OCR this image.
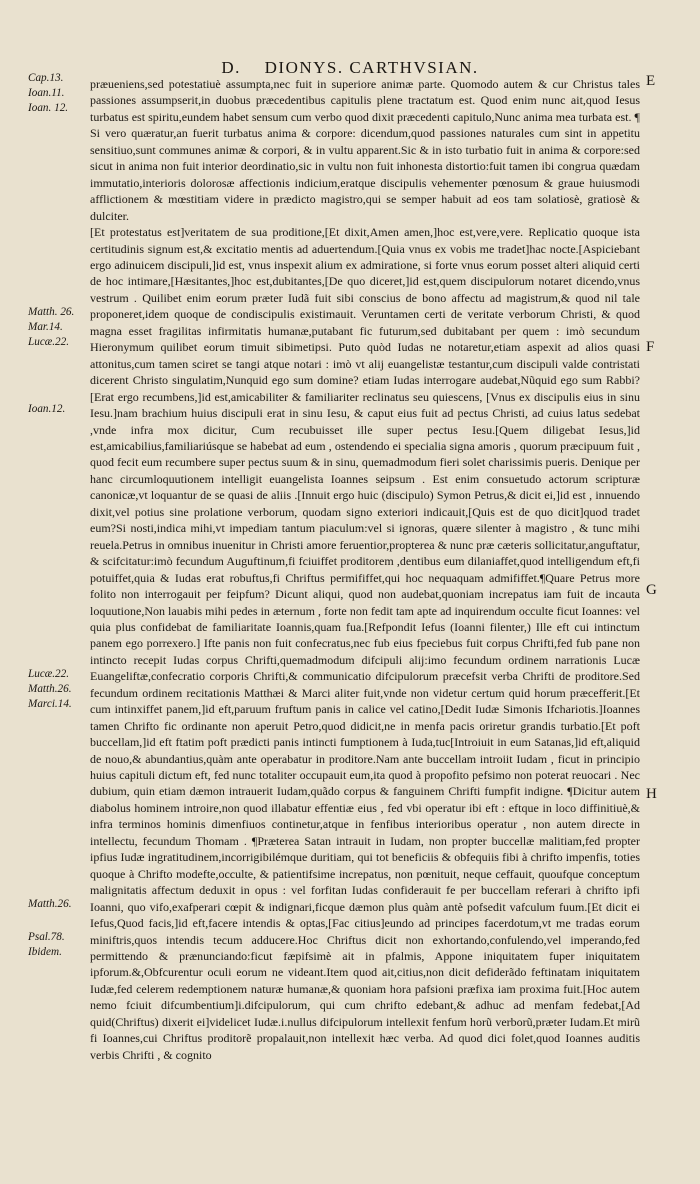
D. DIONYS. CARTHVSIAN.
Cap.13.
Ioan.11.
Ioan. 12.
Matth. 26.
Mar.14.
Lucæ.22.
Ioan.12.
Lucæ.22.
Matth.26.
Marci.14.
Matth.26.
Psal.78.
Ibidem.
E
F
G
H

præueniens,sed potestatiuè assumpta,nec fuit in superiore animæ parte. Quomodo autem & cur Christus tales passiones assumpserit,in duobus præcedentibus capitulis plene tractatum est. Quod enim nunc ait,quod Iesus turbatus est spiritu,eundem habet sensum cum verbo quod dixit præcedenti capitulo,Nunc anima mea turbata est. ¶ Si vero quæratur,an fuerit turbatus anima & corpore: dicendum,quod passiones naturales cum sint in appetitu sensitiuo,sunt communes animæ & corpori, & in vultu apparent.Sic & in isto turbatio fuit in anima & corpore:sed sicut in anima non fuit interior deordinatio,sic in vultu non fuit inhonesta distortio:fuit tamen ibi congrua quædam immutatio,interioris dolorosæ affectionis indicium,eratque discipulis vehementer pœnosum & graue huiusmodi afflictionem & mœstitiam videre in prædicto magistro,qui se semper habuit ad eos tam solatiosè, gratiosè & dulciter.

[Et protestatus est]veritatem de sua proditione,[Et dixit,Amen amen,]hoc est,vere,vere. Replicatio quoque ista certitudinis signum est,& excitatio mentis ad aduertendum.[Quia vnus ex vobis me tradet]hac nocte.[Aspiciebant ergo adinuicem discipuli,]id est, vnus inspexit alium ex admiratione, si forte vnus eorum posset alteri aliquid certi de hoc intimare,[Hæsitantes,]hoc est,dubitantes,[De quo diceret,]id est,quem discipulorum notaret dicendo,vnus vestrum . Quilibet enim eorum præter Iudã fuit sibi conscius de bono affectu ad magistrum,& quod nil tale proponeret,idem quoque de condiscipulis existimauit. Veruntamen certi de veritate verborum Christi, & quod magna esset fragilitas infirmitatis humanæ,putabant fic futurum,sed dubitabant per quem : imò secundum Hieronymum quilibet eorum timuit sibimetipsi. Puto quòd Iudas ne notaretur,etiam aspexit ad alios quasi attonitus,cum tamen sciret se tangi atque notari : imò vt alij euangelistæ testantur,cum discipuli valde contristati dicerent Christo singulatim,Nunquid ego sum domine? etiam Iudas interrogare audebat,Nũquid ego sum Rabbi?[Erat ergo recumbens,]id est,amicabiliter & familiariter reclinatus seu quiescens, [Vnus ex discipulis eius in sinu Iesu.]nam brachium huius discipuli erat in sinu Iesu, & caput eius fuit ad pectus Christi, ad cuius latus sedebat ,vnde infra mox dicitur, Cum recubuisset ille super pectus Iesu.[Quem diligebat Iesus,]id est,amicabilius,familiariúsque se habebat ad eum , ostendendo ei specialia signa amoris , quorum præcipuum fuit , quod fecit eum recumbere super pectus suum & in sinu, quemadmodum fieri solet charissimis pueris. Denique per hanc circumloquutionem intelligit euangelista Ioannes seipsum . Est enim consuetudo actorum scripturæ canonicæ,vt loquantur de se quasi de aliis .[Innuit ergo huic (discipulo) Symon Petrus,& dicit ei,]id est , innuendo dixit,vel potius sine prolatione verborum, quodam signo exteriori indicauit,[Quis est de quo dicit]quod tradet eum?Si nosti,indica mihi,vt impediam tantum piaculum:vel si ignoras, quære silenter à magistro , & tunc mihi reuela.Petrus in omnibus inuenitur in Christi amore feruentior,propterea & nunc præ cæteris sollicitatur,anguftatur, & scifcitatur:imò fecundum Auguftinum,fi fciuiffet proditorem ,dentibus eum dilaniaffet,quod intelligendum eft,fi potuiffet,quia & Iudas erat robuftus,fi Chriftus permififfet,qui hoc nequaquam admififfet.¶Quare Petrus more folito non interrogauit per feipfum? Dicunt aliqui, quod non audebat,quoniam increpatus iam fuit de incauta loquutione,Non lauabis mihi pedes in æternum , forte non fedit tam apte ad inquirendum occulte ficut Ioannes: vel quia plus confidebat de familiaritate Ioannis,quam fua.[Refpondit Iefus (Ioanni filenter,) Ille eft cui intinctum panem ego porrexero.] Ifte panis non fuit confecratus,nec fub eius fpeciebus fuit corpus Chrifti,fed fub pane non intincto recepit Iudas corpus Chrifti,quemadmodum difcipuli alij:imo fecundum ordinem narrationis Lucæ Euangeliftæ,confecratio corporis Chrifti,& communicatio difcipulorum præcefsit verba Chrifti de proditore.Sed fecundum ordinem recitationis Matthæi & Marci aliter fuit,vnde non videtur certum quid horum præcefferit.[Et cum intinxiffet panem,]id eft,paruum fruftum panis in calice vel catino,[Dedit Iudæ Simonis Ifchariotis.]Ioannes tamen Chrifto fic ordinante non aperuit Petro,quod didicit,ne in menfa pacis oriretur grandis turbatio.[Et poft buccellam,]id eft ftatim poft prædicti panis intincti fumptionem à Iuda,tuc[Introiuit in eum Satanas,]id eft,aliquid de nouo,& abundantius,quàm ante operabatur in proditore.Nam ante buccellam introiit Iudam , ficut in principio huius capituli dictum eft, fed nunc totaliter occupauit eum,ita quod à propofito pefsimo non poterat reuocari . Nec dubium, quin etiam dæmon intrauerit Iudam,quãdo corpus & fanguinem Chrifti fumpfit indigne. ¶Dicitur autem diabolus hominem introire,non quod illabatur effentiæ eius , fed vbi operatur ibi eft : eftque in loco diffinitiuè,& infra terminos hominis dimenfiuos continetur,atque in fenfibus interioribus operatur , non autem directe in intellectu, fecundum Thomam . ¶Præterea Satan intrauit in Iudam, non propter buccellæ malitiam,fed propter ipfius Iudæ ingratitudinem,incorrigibilémque duritiam, qui tot beneficiis & obfequiis fibi à chrifto impenfis, toties quoque à Chrifto modefte,occulte, & patientifsime increpatus, non pœnituit, neque ceffauit, quoufque conceptum malignitatis affectum deduxit in opus : vel forfitan Iudas confiderauit fe per buccellam referari à chrifto ipfi Ioanni, quo vifo,exafperari cœpit & indignari,ficque dæmon plus quàm antè pofsedit vafculum fuum.[Et dicit ei Iefus,Quod facis,]id eft,facere intendis & optas,[Fac citius]eundo ad principes facerdotum,vt me tradas eorum miniftris,quos intendis tecum adducere.Hoc Chriftus dicit non exhortando,confulendo,vel imperando,fed permittendo & prænunciando:ficut fæpifsimè ait in pfalmis, Appone iniquitatem fuper iniquitatem ipforum.&,Obfcurentur oculi eorum ne videant.Item quod ait,citius,non dicit defiderãdo feftinatam iniquitatem Iudæ,fed celerem redemptionem naturæ humanæ,& quoniam hora pafsioni præfixa iam proxima fuit.[Hoc autem nemo fciuit difcumbentium]i.difcipulorum, qui cum chrifto edebant,& adhuc ad menfam fedebat,[Ad quid(Chriftus) dixerit ei]videlicet Iudæ.i.nullus difcipulorum intellexit fenfum horũ verborũ,præter Iudam.Et mirũ fi Ioannes,cui Chriftus proditorẽ propalauit,non intellexit hæc verba. Ad quod dici folet,quod Ioannes auditis verbis Chrifti , & cognito
